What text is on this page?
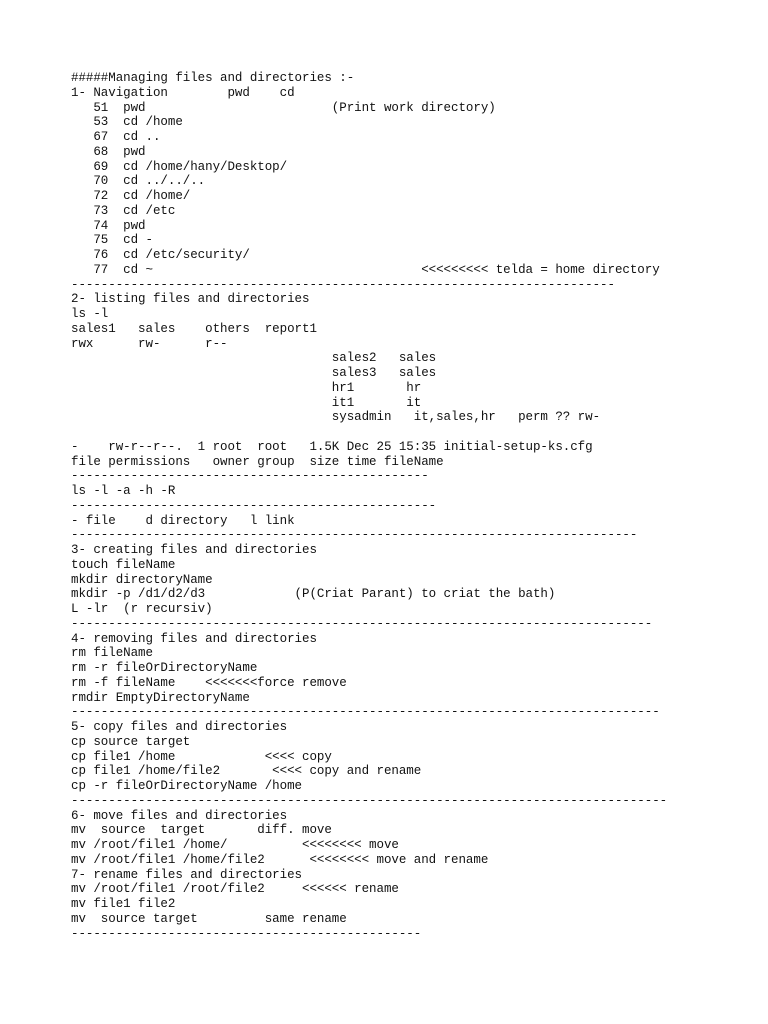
#####Managing files and directories :-
1- Navigation        pwd    cd
51  pwd                         (Print work directory)
53  cd /home
67  cd ..
68  pwd
69  cd /home/hany/Desktop/
70  cd ../../..
72  cd /home/
73  cd /etc
74  pwd
75  cd -
76  cd /etc/security/
77  cd ~                                    <<<<<<<<< telda = home directory
-------------------------------------------------------------------------
2- listing files and directories
ls -l
sales1   sales    others  report1
rwx      rw-      r--
sales2   sales
sales3   sales
hr1       hr
it1       it
sysadmin   it,sales,hr   perm ?? rw-
-    rw-r--r--.  1 root  root   1.5K Dec 25 15:35 initial-setup-ks.cfg
file permissions   owner group  size time fileName
------------------------------------------------
ls -l -a -h -R
-------------------------------------------------
- file    d directory   l link
----------------------------------------------------------------------------
3- creating files and directories
touch fileName
mkdir directoryName
mkdir -p /d1/d2/d3            (P(Criat Parant) to criat the bath)
L -lr  (r recursiv)
------------------------------------------------------------------------------
4- removing files and directories
rm fileName
rm -r fileOrDirectoryName
rm -f fileName    <<<<<<<force remove
rmdir EmptyDirectoryName
-------------------------------------------------------------------------------
5- copy files and directories
cp source target
cp file1 /home            <<<< copy
cp file1 /home/file2       <<<< copy and rename
cp -r fileOrDirectoryName /home
--------------------------------------------------------------------------------
6- move files and directories
mv  source  target       diff. move
mv /root/file1 /home/          <<<<<<<< move
mv /root/file1 /home/file2      <<<<<<<< move and rename
7- rename files and directories
mv /root/file1 /root/file2     <<<<<< rename
mv file1 file2
mv  source target         same rename
-----------------------------------------------
